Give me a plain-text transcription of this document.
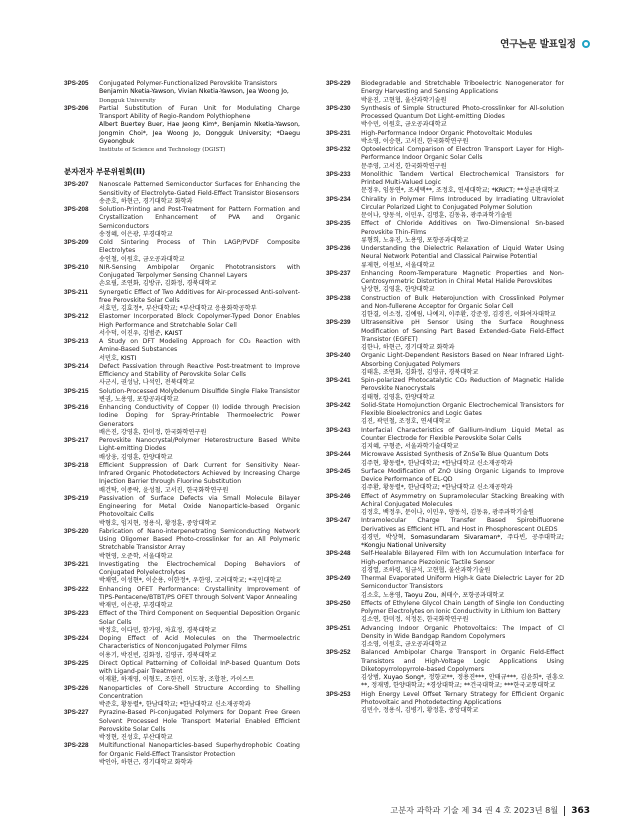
연구논문 발표일정
3PS-205	Conjugated Polymer-Functionalized Perovskite Transistors
Benjamin Nketia-Yawson, Vivian Nketia-Yawson, Jea Woong Jo,
Dongguk University
3PS-206	Partial Substitution of Furan Unit for Modulating Charge Transport Ability of Regio-Random Polythiophene
Albert Buertey Buer, Hae Jeong Kim*, Benjamin Nketia-Yawson, Jongmin Choi*, Jea Woong Jo, Dongguk University; *Daegu Gyeongbuk
Institute of Science and Technology (DGIST)
분자전자 부문위원회(II)
3PS-207	Nanoscale Patterned Semiconductor Surfaces for Enhancing the Sensitivity of Electrolyte-Gated Field-Effect Transistor Biosensors
송준호, 하현근, 경기대학교 화학과
3PS-208	Solution-Printing and Post-Treatment for Pattern Formation and Crystallization Enhancement of PVA and Organic Semiconductors
송정혜, 이은광, 부경대학교
3PS-209	Cold Sintering Process of Thin LAGP/PVDF Composite Electrolytes
송인철, 이원호, 금오공과대학교
3PS-210	NIR-Sensing Ambipolar Organic Phototransistors with Conjugated Terpolymer Sensing Channel Layers
손요필, 조연화, 김방규, 김화정, 경북대학교
3PS-211	Synergetic Effect of Two Additives for Air-processed Anti-solvent-free Perovskite Solar Cells
서효민, 김효정*, 부산대학교; *부산대학교 응용화학공학부
3PS-212	Elastomer Incorporated Block Copolymer-Typed Donor Enables High Performance and Stretchable Solar Cell
서수덕, 이진우, 김범준, KAIST
3PS-213	A Study on DFT Modeling Approach for CO₂ Reaction with Amine-Based Substances
서민호, KISTI
3PS-214	Defect Passivation through Reactive Post-treatment to Improve Efficiency and Stability of Perovskite Solar Cells
사군시, 권성남, 나석인, 전북대학교
3PS-215	Solution-Processed Molybdenum Disulfide Single Flake Transistor
변권, 노용영, 포항공과대학교
3PS-216	Enhancing Conductivity of Copper (I) Iodide through Precision Iodine Doping for Spray-Printable Thermoelectric Power Generators
배은진, 강영훈, 한미정, 한국화학연구원
3PS-217	Perovskite Nanocrystal/Polymer Heterostructure Based White Light-emitting Diodes
배상웅, 김영훈, 한양대학교
3PS-218	Efficient Suppression of Dark Current for Sensitivity Near-Infrared Organic Photodetectors Achieved by Increasing Charge Injection Barrier through Fluorine Substitution
배건탁, 이종락, 윤성철, 고서진, 한국화학연구원
3PS-219	Passivation of Surface Defects via Small Molecule Bilayer Engineering for Metal Oxide Nanoparticle-based Organic Photovoltaic Cells
박형호, 임지현, 정용식, 황정훈, 중앙대학교
3PS-220	Fabrication of Nano-interpenetrating Semiconducting Network Using Oligomer Based Photo-crosslinker for an All Polymeric Stretchable Transistor Array
박현영, 오준학, 서울대학교
3PS-221	Investigating the Electrochemical Doping Behaviors of Conjugated Polyelectrolytes
박채연, 이성현*, 이순용, 이한정*, 우한영, 고려대학교; *국민대학교
3PS-222	Enhancing OFET Performance: Crystallinity Improvement of TIPS-Pentacene/BTBT/PS OFET through Solvent Vapor Annealing
박재민, 이은광, 부경대학교
3PS-223	Effect of the Third Component on Sequential Deposition Organic Solar Cells
박정호, 이다민, 함가영, 차효정, 경북대학교
3PS-224	Doping Effect of Acid Molecules on the Thermoelectric Characteristics of Nonconjugated Polymer Films
이용기, 박진빈, 김화정, 김영규, 경북대학교
3PS-225	Direct Optical Patterning of Colloidal InP-based Quantum Dots with Ligand-pair Treatment
이재환, 하재영, 이형도, 조한진, 이도창, 조합찬, 카이스트
3PS-226	Nanoparticles of Core-Shell Structure According to Shelling Concentration
박준호, 황동렬*, 한남대학교; *한남대학교 신소재공학과
3PS-227	Pyrazine-Based Pi-conjugated Polymers for Dopant Free Green Solvent Processed Hole Transport Material Enabled Efficient Perovskite Solar Cells
박정현, 진성호, 부산대학교
3PS-228	Multifunctional Nanoparticles-based Superhydrophobic Coating for Organic Field-Effect Transistor Protection
박인아, 하현근, 경기대학교 화학과
3PS-229	Biodegradable and Stretchable Triboelectric Nanogenerator for Energy Harvesting and Sensing Applications
박윤진, 고현협, 울산과학기술원
3PS-230	Synthesis of Simple Structured Photo-crosslinker for All-solution Processed Quantum Dot Light-emitting Diodes
박수민, 이원호, 금오공과대학교
3PS-231	High-Performance Indoor Organic Photovoltaic Modules
박소영, 이승현, 고서진, 한국화학연구원
3PS-232	Optoelectrical Comparison of Electron Transport Layer for High-Performance Indoor Organic Solar Cells
문주영, 고서진, 한국화학연구원
3PS-233	Monolithic Tandem Vertical Electrochemical Transistors for Printed Multi-Valued Logic
문정우, 임동연*, 조세택**, 조정호, 연세대학교; *KRICT; **성균관대학교
3PS-234	Chirality in Polymer Films Introduced by Irradiating Ultraviolet Circular Polarized Light to Conjugated Polymer Solution
문이나, 양동석, 이민우, 김명훈, 김동유, 광주과학기술원
3PS-235	Effect of Chloride Additives on Two-Dimensional Sn-based Perovskite Thin-Films
류형희, 노유진, 노용영, 포항공과대학교
3PS-236	Understanding the Dielectric Relaxation of Liquid Water Using Neural Network Potential and Classical Pairwise Potential
류제현, 이원보, 서울대학교
3PS-237	Enhancing Room-Temperature Magnetic Properties and Non-Centrosymmetric Distortion in Chiral Metal Halide Perovskites
남상현, 김영훈, 한양대학교
3PS-238	Construction of Bulk Heterojunction with Crosslinked Polymer and Non-fullerene Acceptor for Organic Solar Cell
김한결, 이소정, 김예림, 나예지, 이주환, 강준정, 김경진, 이화여자대학교
3PS-239	Ultrasensitive pH Sensor Using the Surface Roughness Modification of Sensing Part Based Extended-Gate Field-Effect Transistor (EGFET)
김한나, 하현근, 경기대학교 화학과
3PS-240	Organic Light-Dependent Resistors Based on Near Infrared Light-Absorbing Conjugated Polymers
김태훈, 조연화, 김화정, 김영규, 경북대학교
3PS-241	Spin-polarized Photocatalytic CO₂ Reduction of Magnetic Halide Perovskite Nanocrystals
김태형, 김영훈, 한양대학교
3PS-242	Solid-State Homojunction Organic Electrochemical Transistors for Flexible Bioelectronics and Logic Gates
김진, 곽민철, 조정호, 연세대학교
3PS-243	Interfacial Characteristics of Gallium-Indium Liquid Metal as Counter Electrode for Flexible Perovskite Solar Cells
김지혜, 구형준, 서울과학기술대학교
3PS-244	Microwave Assisted Synthesis of ZnSeTe Blue Quantum Dots
김주현, 황동렬*, 한남대학교; *한남대학교 신소재공학과
3PS-245	Surface Modification of ZnO Using Organic Ligands to Improve Device Performance of EL-QD
김주환, 황동렬*, 한남대학교; *한남대학교 신소재공학과
3PS-246	Effect of Asymmetry on Supramolecular Stacking Breaking with Achiral Conjugated Molecules
김정호, 백정우, 문이나, 이민우, 양동석, 김동유, 광주과학기술원
3PS-247	Intramolecular Charge Transfer Based Spirobifluorene Derivatives as Efficient HTL and Host in Phosphorescent OLEDS
김경민, 박상혁, Somasundaram Sivaraman*, 주다빈, 공주대학교; *Kongju National University
3PS-248	Self-Healable Bilayered Film with Ion Accumulation Interface for High-performance Piezoionic Tactile Sensor
김경열, 조하령, 임금석, 고현협, 울산과학기술원
3PS-249	Thermal Evaporated Uniform High-k Gate Dielectric Layer for 2D Semiconductor Transistors
김소호, 노용영, Taoyu Zou, 최태수, 포항공과대학교
3PS-250	Effects of Ethylene Glycol Chain Length of Single Ion Conducting Polymer Electrolytes on Ionic Conductivity in Lithium Ion Battery
김소연, 한미정, 석정돈, 한국화학연구원
3PS-251	Advancing Indoor Organic Photovoltaics: The Impact of Cl Density in Wide Bandgap Random Copolymers
김소영, 이원호, 금오공과대학교
3PS-252	Balanced Ambipolar Charge Transport in Organic Field-Effect Transistors and High-Voltage Logic Applications Using Diketopyrrolopyrrole-based Copolymers
김상범, Xuyao Song*, 정항교**, 정용진***, 안태규***, 김윤희*, 권흥오**, 정재명, 한양대학교; *경상대학교; **건국대학교; ***한국교통대학교
3PS-253	High Energy Level Offset Ternary Strategy for Efficient Organic Photovoltaic and Photodetecting Applications
김민수, 정용식, 김병기, 황정훈, 중앙대학교
고분자 과학과 기술 제 34 권 4 호 2023년 8월 363
